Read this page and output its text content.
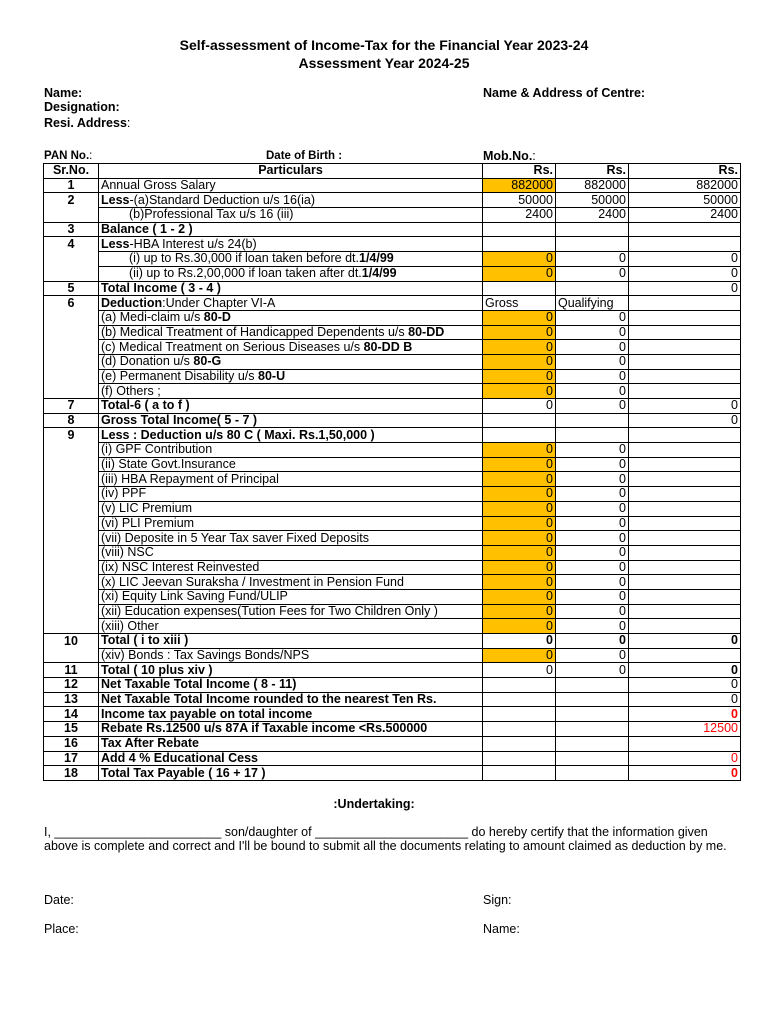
Self-assessment of Income-Tax for the Financial Year 2023-24
Assessment Year 2024-25
Name:
Designation:
Resi. Address:
Name & Address of Centre:
PAN No.:	Date of Birth :	Mob.No.:
Sr.No.	Particulars	Rs.	Rs.	Rs.
1	Annual Gross Salary	882000	882000	882000
2	Less-(a)Standard Deduction u/s 16(ia)	50000	50000	50000
	(b)Professional Tax u/s 16 (iii)	2400	2400	2400
3	Balance ( 1 - 2 )			
4	Less-HBA Interest u/s 24(b)			
	(i) up to Rs.30,000 if loan taken before dt.1/4/99	0	0	0
	(ii) up to Rs.2,00,000 if loan taken after dt.1/4/99	0	0	0
5	Total Income ( 3 - 4 )			0
6	Deduction:Under Chapter VI-A	Gross	Qualifying	
	(a) Medi-claim u/s 80-D	0	0	
	(b) Medical Treatment of Handicapped Dependents u/s 80-DD	0	0	
	(c) Medical Treatment on Serious Diseases u/s 80-DD B	0	0	
	(d) Donation u/s 80-G	0	0	
	(e) Permanent Disability u/s 80-U	0	0	
	(f) Others ;	0	0	
7	Total-6 ( a to f )	0	0	0
8	Gross Total Income( 5 - 7 )			0
9	Less : Deduction u/s 80 C ( Maxi. Rs.1,50,000 )			
	(i) GPF Contribution	0	0	
	(ii) State Govt.Insurance	0	0	
	(iii) HBA Repayment of Principal	0	0	
	(iv) PPF	0	0	
	(v) LIC Premium	0	0	
	(vi) PLI Premium	0	0	
	(vii) Deposite in 5 Year Tax saver Fixed Deposits	0	0	
	(viii) NSC	0	0	
	(ix) NSC Interest Reinvested	0	0	
	(x) LIC Jeevan Suraksha / Investment in Pension Fund	0	0	
	(xi) Equity Link Saving Fund/ULIP	0	0	
	(xii) Education expenses(Tution Fees for Two Children Only )	0	0	
	(xiii) Other	0	0	
10	Total ( i to xiii )	0	0	0
	(xiv) Bonds : Tax Savings Bonds/NPS	0	0	
11	Total ( 10 plus xiv )	0	0	0
12	Net Taxable Total Income ( 8 - 11)			0
13	Net Taxable Total Income rounded to the nearest Ten Rs.			0
14	Income tax payable on total income			0
15	Rebate Rs.12500 u/s 87A if Taxable income <Rs.500000			12500
16	Tax After Rebate			
17	Add 4 % Educational Cess			0
18	Total Tax Payable ( 16 + 17 )			0
:Undertaking:
I, ________________________ son/daughter of ______________________ do hereby certify that the information given above is complete and correct and I'll be bound to submit all the documents relating to amount claimed as deduction by me.
Date:	Sign:
Place:	Name:
